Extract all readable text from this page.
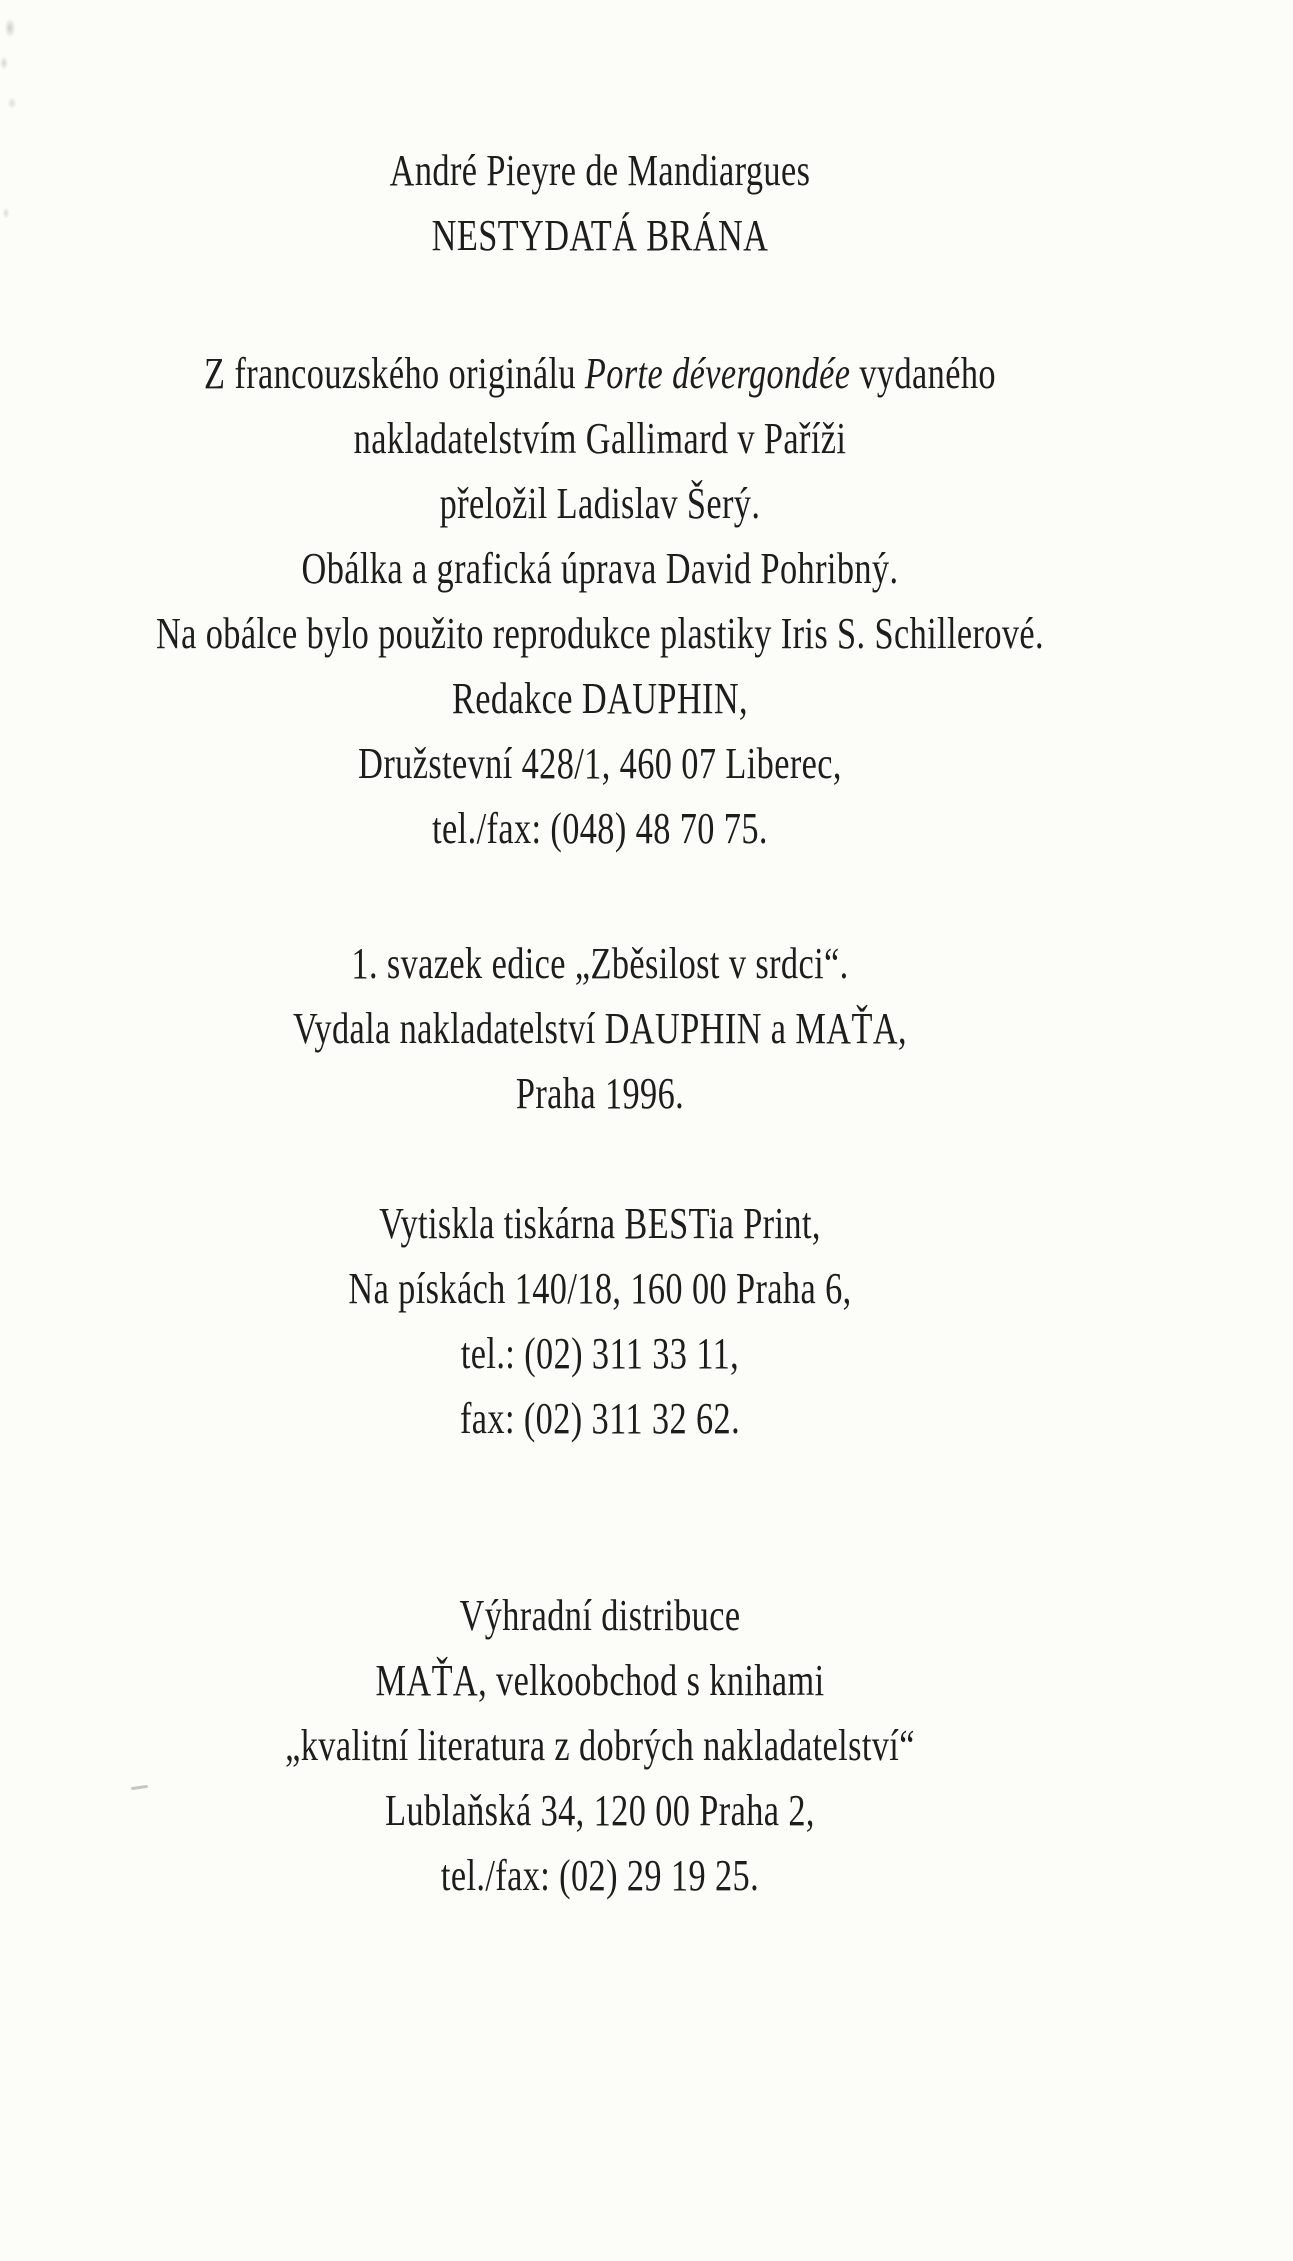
André Pieyre de Mandiargues

NESTYDATÁ BRÁNA

Z francouzského originálu Porte dévergondée vydaného

nakladatelstvím Gallimard v Paříži

přeložil Ladislav Šerý.

Obálka a grafická úprava David Pohribný.

Na obálce bylo použito reprodukce plastiky Iris S. Schillerové.

Redakce DAUPHIN,

Družstevní 428/1, 460 07 Liberec,

tel./fax: (048) 48 70 75.

1. svazek edice „Zběsilost v srdci“.

Vydala nakladatelství DAUPHIN a MAŤA,

Praha 1996.

Vytiskla tiskárna BESTia Print,

Na pískách 140/18, 160 00 Praha 6,

tel.: (02) 311 33 11,

fax: (02) 311 32 62.

Výhradní distribuce

MAŤA, velkoobchod s knihami

„kvalitní literatura z dobrých nakladatelství“

Lublaňská 34, 120 00 Praha 2,

tel./fax: (02) 29 19 25.
